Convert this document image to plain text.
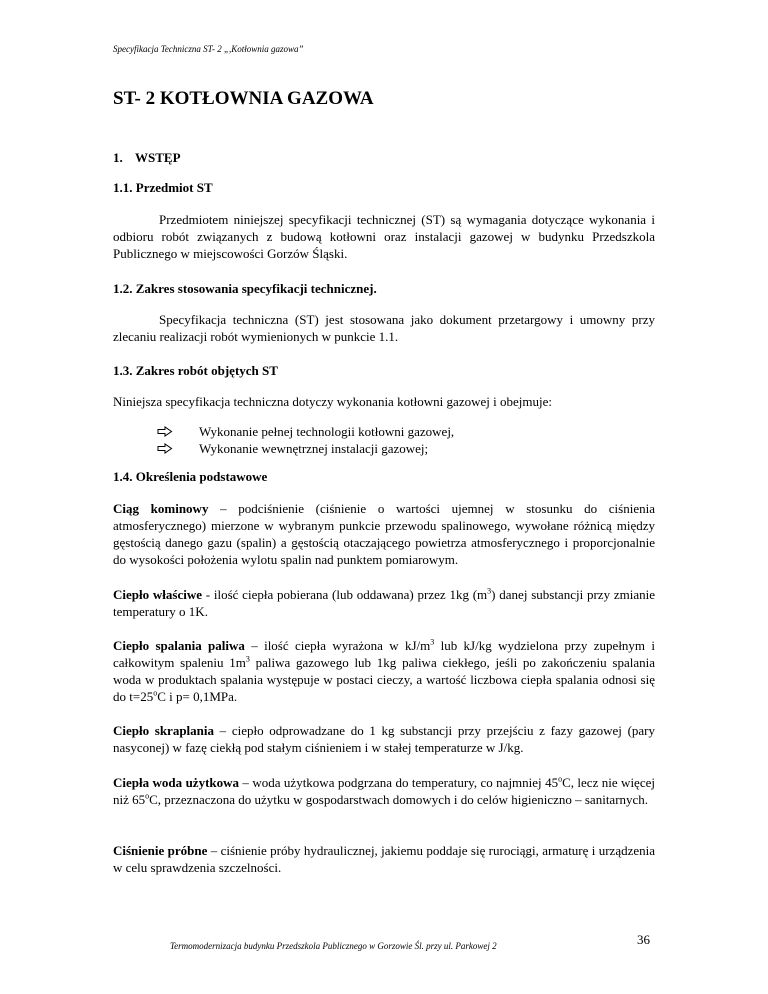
Specyfikacja Techniczna ST- 2 „,Kotłownia gazowa”
ST- 2 KOTŁOWNIA GAZOWA
1. WSTĘP
1.1. Przedmiot ST
Przedmiotem niniejszej specyfikacji technicznej (ST) są wymagania dotyczące wykonania i odbioru robót związanych z budową kotłowni oraz instalacji gazowej w budynku Przedszkola Publicznego w miejscowości Gorzów Śląski.
1.2. Zakres stosowania specyfikacji technicznej.
Specyfikacja techniczna (ST) jest stosowana jako dokument przetargowy i umowny przy zlecaniu realizacji robót wymienionych w punkcie 1.1.
1.3. Zakres robót objętych ST
Niniejsza specyfikacja techniczna dotyczy wykonania kotłowni gazowej i obejmuje:
Wykonanie pełnej technologii kotłowni gazowej,
Wykonanie wewnętrznej instalacji gazowej;
1.4. Określenia podstawowe
Ciąg kominowy – podciśnienie (ciśnienie o wartości ujemnej w stosunku do ciśnienia atmosferycznego) mierzone w wybranym punkcie przewodu spalinowego, wywołane różnicą między gęstością danego gazu (spalin) a gęstością otaczającego powietrza atmosferycznego i proporcjonalnie do wysokości położenia wylotu spalin nad punktem pomiarowym.
Ciepło właściwe - ilość ciepła pobierana (lub oddawana) przez 1kg $(m^3)$ danej substancji przy zmianie temperatury o 1K.
Ciepło spalania paliwa – ilość ciepła wyrażona w $kJ/m^3$ lub kJ/kg wydzielona przy zupełnym i całkowitym spaleniu $1m^3$ paliwa gazowego lub 1kg paliwa ciekłego, jeśli po zakończeniu spalania woda w produktach spalania występuje w postaci cieczy, a wartość liczbowa ciepła spalania odnosi się do $t=25^oC$ i p= 0,1MPa.
Ciepło skraplania – ciepło odprowadzane do 1 kg substancji przy przejściu z fazy gazowej (pary nasyconej) w fazę ciekłą pod stałym ciśnieniem i w stałej temperaturze w J/kg.
Ciepła woda użytkowa – woda użytkowa podgrzana do temperatury, co najmniej 45$^o$C, lecz nie więcej niż 65$^o$C, przeznaczona do użytku w gospodarstwach domowych i do celów higieniczno – sanitarnych.
Ciśnienie próbne – ciśnienie próby hydraulicznej, jakiemu poddaje się rurociągi, armaturę i urządzenia w celu sprawdzenia szczelności.
Termomodernizacja budynku Przedszkola Publicznego w Gorzowie Śl. przy ul. Parkowej 2	36
